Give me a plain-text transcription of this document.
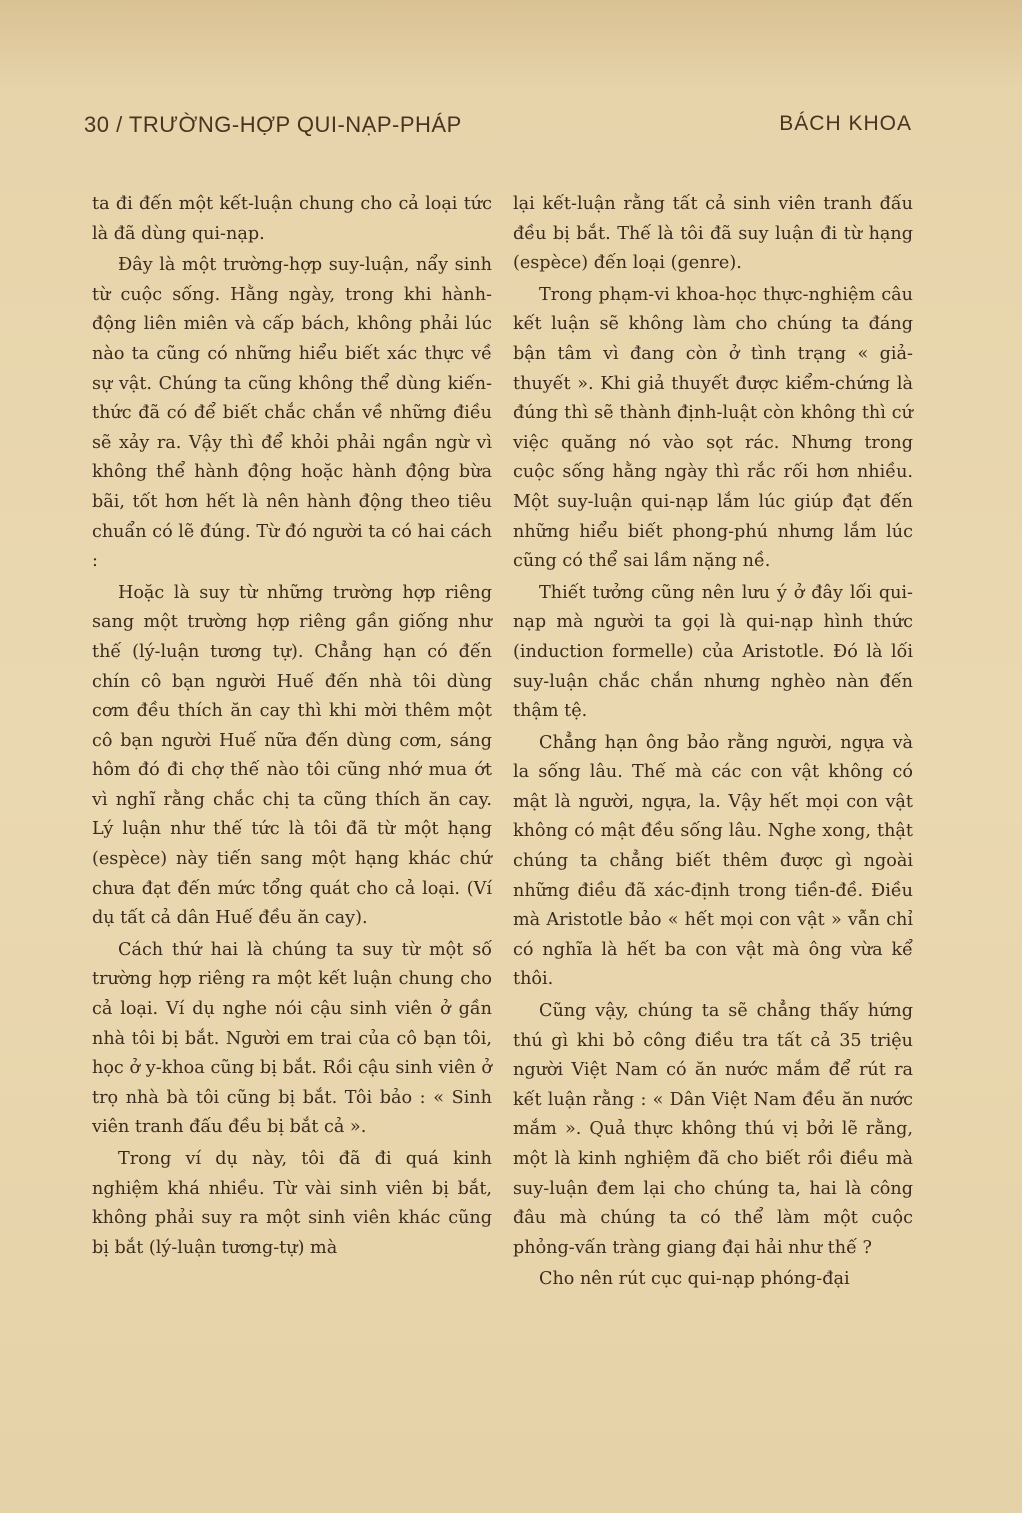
30 / TRƯỜNG-HỢP QUI-NẠP-PHÁP	BÁCH KHOA

ta đi đến một kết-luận chung cho cả loại tức là đã dùng qui-nạp.

Đây là một trường-hợp suy-luận, nẩy sinh từ cuộc sống. Hằng ngày, trong khi hành-động liên miên và cấp bách, không phải lúc nào ta cũng có những hiểu biết xác thực về sự vật. Chúng ta cũng không thể dùng kiến-thức đã có để biết chắc chắn về những điều sẽ xảy ra. Vậy thì để khỏi phải ngần ngừ vì không thể hành động hoặc hành động bừa bãi, tốt hơn hết là nên hành động theo tiêu chuẩn có lẽ đúng. Từ đó người ta có hai cách :

Hoặc là suy từ những trường hợp riêng sang một trường hợp riêng gần giống như thế (lý-luận tương tự). Chẳng hạn có đến chín cô bạn người Huế đến nhà tôi dùng cơm đều thích ăn cay thì khi mời thêm một cô bạn người Huế nữa đến dùng cơm, sáng hôm đó đi chợ thế nào tôi cũng nhớ mua ớt vì nghĩ rằng chắc chị ta cũng thích ăn cay. Lý luận như thế tức là tôi đã từ một hạng (espèce) này tiến sang một hạng khác chứ chưa đạt đến mức tổng quát cho cả loại. (Ví dụ tất cả dân Huế đều ăn cay).

Cách thứ hai là chúng ta suy từ một số trường hợp riêng ra một kết luận chung cho cả loại. Ví dụ nghe nói cậu sinh viên ở gần nhà tôi bị bắt. Người em trai của cô bạn tôi, học ở y-khoa cũng bị bắt. Rồi cậu sinh viên ở trọ nhà bà tôi cũng bị bắt. Tôi bảo : « Sinh viên tranh đấu đều bị bắt cả ».

Trong ví dụ này, tôi đã đi quá kinh nghiệm khá nhiều. Từ vài sinh viên bị bắt, không phải suy ra một sinh viên khác cũng bị bắt (lý-luận tương-tự) mà

lại kết-luận rằng tất cả sinh viên tranh đấu đều bị bắt. Thế là tôi đã suy luận đi từ hạng (espèce) đến loại (genre).

Trong phạm-vi khoa-học thực-nghiệm câu kết luận sẽ không làm cho chúng ta đáng bận tâm vì đang còn ở tình trạng « giả-thuyết ». Khi giả thuyết được kiểm-chứng là đúng thì sẽ thành định-luật còn không thì cứ việc quăng nó vào sọt rác. Nhưng trong cuộc sống hằng ngày thì rắc rối hơn nhiều. Một suy-luận qui-nạp lắm lúc giúp đạt đến những hiểu biết phong-phú nhưng lắm lúc cũng có thể sai lầm nặng nề.

Thiết tưởng cũng nên lưu ý ở đây lối qui-nạp mà người ta gọi là qui-nạp hình thức (induction formelle) của Aristotle. Đó là lối suy-luận chắc chắn nhưng nghèo nàn đến thậm tệ.

Chẳng hạn ông bảo rằng người, ngựa và la sống lâu. Thế mà các con vật không có mật là người, ngựa, la. Vậy hết mọi con vật không có mật đều sống lâu. Nghe xong, thật chúng ta chẳng biết thêm được gì ngoài những điều đã xác-định trong tiền-đề. Điều mà Aristotle bảo « hết mọi con vật » vẫn chỉ có nghĩa là hết ba con vật mà ông vừa kể thôi.

Cũng vậy, chúng ta sẽ chẳng thấy hứng thú gì khi bỏ công điều tra tất cả 35 triệu người Việt Nam có ăn nước mắm để rút ra kết luận rằng : « Dân Việt Nam đều ăn nước mắm ». Quả thực không thú vị bởi lẽ rằng, một là kinh nghiệm đã cho biết rồi điều mà suy-luận đem lại cho chúng ta, hai là công đâu mà chúng ta có thể làm một cuộc phỏng-vấn tràng giang đại hải như thế ?

Cho nên rút cục qui-nạp phóng-đại
